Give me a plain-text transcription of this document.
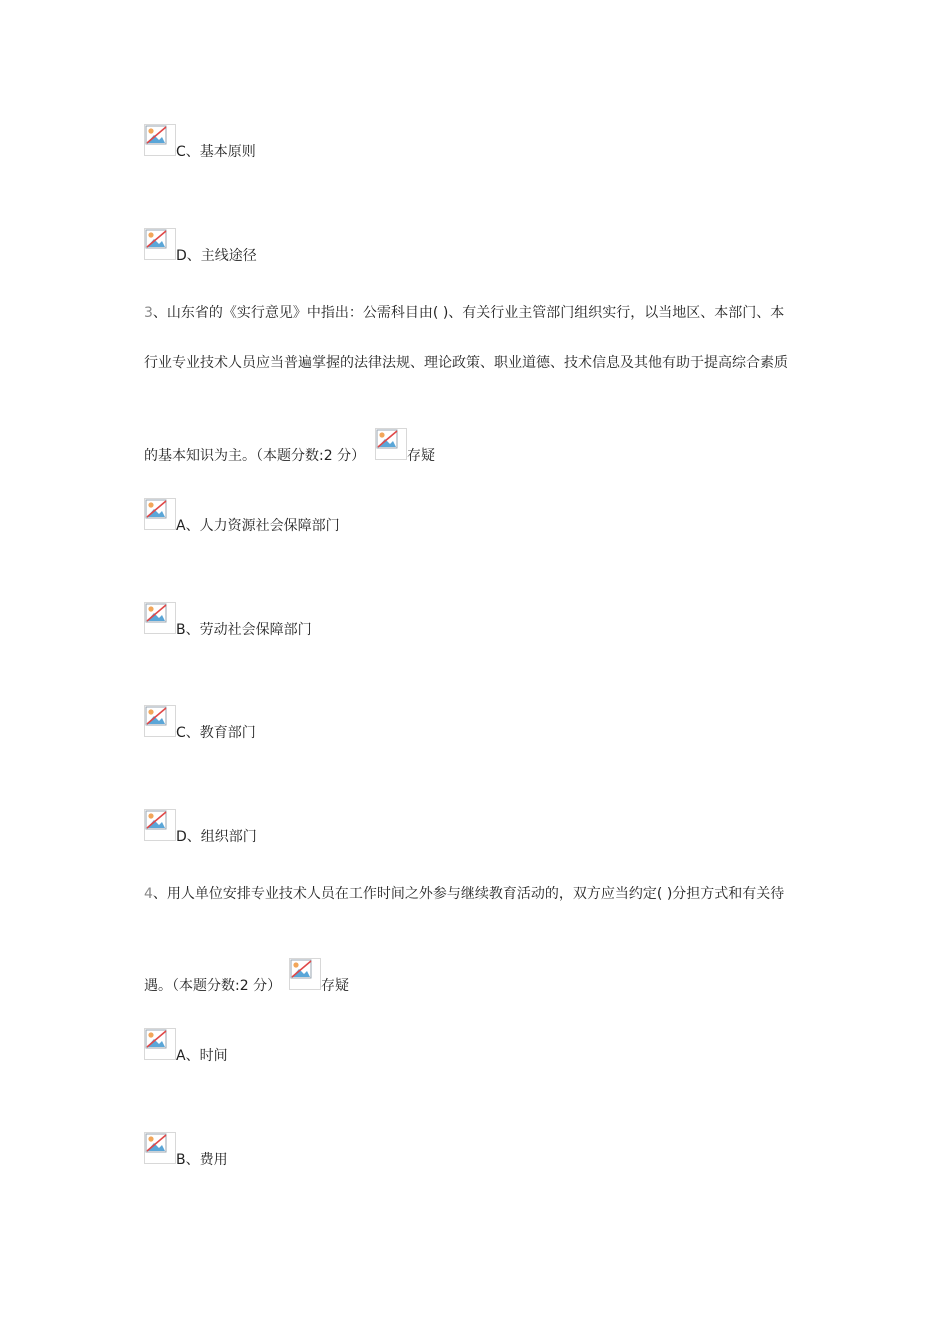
C、基本原则
D、主线途径
3、山东省的《实行意见》中指出：公需科目由( )、有关行业主管部门组织实行，以当地区、本部门、本
行业专业技术人员应当普遍掌握的法律法规、理论政策、职业道德、技术信息及其他有助于提高综合素质
的基本知识为主。（本题分数:2 分）	存疑
A、人力资源社会保障部门
B、劳动社会保障部门
C、教育部门
D、组织部门
4、用人单位安排专业技术人员在工作时间之外参与继续教育活动的，双方应当约定( )分担方式和有关待
遇。（本题分数:2 分）	存疑
A、时间
B、费用
